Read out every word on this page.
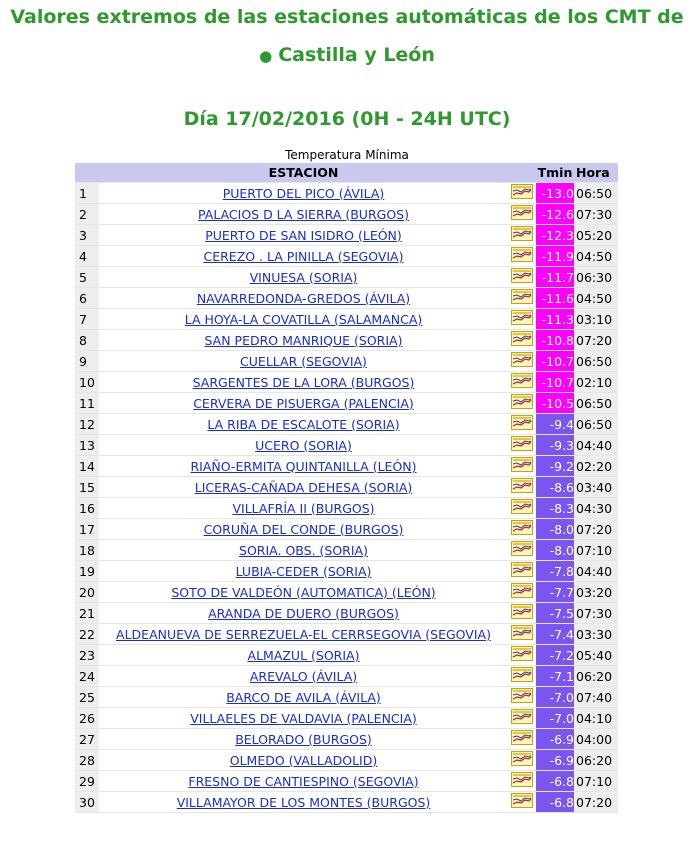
Valores extremos de las estaciones automáticas de los CMT de
● Castilla y León
Día 17/02/2016 (0H - 24H UTC)
Temperatura Mínima
	ESTACION		Tmin	Hora
1	PUERTO DEL PICO (ÁVILA)		-13.0	06:50
2	PALACIOS D LA SIERRA (BURGOS)		-12.6	07:30
3	PUERTO DE SAN ISIDRO (LEÓN)		-12.3	05:20
4	CEREZO . LA PINILLA (SEGOVIA)		-11.9	04:50
5	VINUESA (SORIA)		-11.7	06:30
6	NAVARREDONDA-GREDOS (ÁVILA)		-11.6	04:50
7	LA HOYA-LA COVATILLA (SALAMANCA)		-11.3	03:10
8	SAN PEDRO MANRIQUE (SORIA)		-10.8	07:20
9	CUELLAR (SEGOVIA)		-10.7	06:50
10	SARGENTES DE LA LORA (BURGOS)		-10.7	02:10
11	CERVERA DE PISUERGA (PALENCIA)		-10.5	06:50
12	LA RIBA DE ESCALOTE (SORIA)		-9.4	06:50
13	UCERO (SORIA)		-9.3	04:40
14	RIAÑO-ERMITA QUINTANILLA (LEÓN)		-9.2	02:20
15	LICERAS-CAÑADA DEHESA (SORIA)		-8.6	03:40
16	VILLAFRÍA II (BURGOS)		-8.3	04:30
17	CORUÑA DEL CONDE (BURGOS)		-8.0	07:20
18	SORIA. OBS. (SORIA)		-8.0	07:10
19	LUBIA-CEDER (SORIA)		-7.8	04:40
20	SOTO DE VALDEÓN (AUTOMATICA) (LEÓN)		-7.7	03:20
21	ARANDA DE DUERO (BURGOS)		-7.5	07:30
22	ALDEANUEVA DE SERREZUELA-EL CERRSEGOVIA (SEGOVIA)		-7.4	03:30
23	ALMAZUL (SORIA)		-7.2	05:40
24	AREVALO (ÁVILA)		-7.1	06:20
25	BARCO DE AVILA (ÁVILA)		-7.0	07:40
26	VILLAELES DE VALDAVIA (PALENCIA)		-7.0	04:10
27	BELORADO (BURGOS)		-6.9	04:00
28	OLMEDO (VALLADOLID)		-6.9	06:20
29	FRESNO DE CANTIESPINO (SEGOVIA)		-6.8	07:10
30	VILLAMAYOR DE LOS MONTES (BURGOS)		-6.8	07:20
